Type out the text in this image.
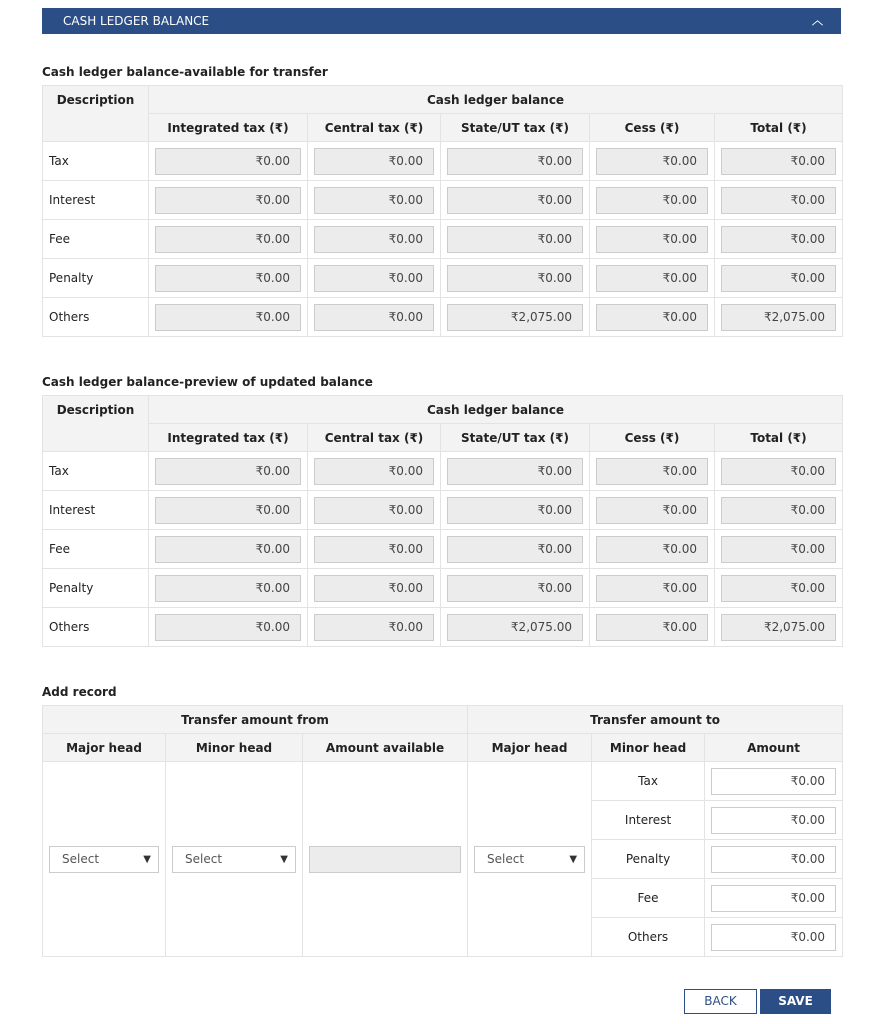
CASH LEDGER BALANCE	︿
Cash ledger balance-available for transfer
Description	Cash ledger balance				
	Integrated tax (₹)	Central tax (₹)	State/UT tax (₹)	Cess (₹)	Total (₹)
Tax	₹0.00	₹0.00	₹0.00	₹0.00	₹0.00

Interest	₹0.00	₹0.00	₹0.00	₹0.00	₹0.00

Fee	₹0.00	₹0.00	₹0.00	₹0.00	₹0.00

Penalty	₹0.00	₹0.00	₹0.00	₹0.00	₹0.00

Others	₹0.00	₹0.00	₹2,075.00	₹0.00	₹2,075.00
Cash ledger balance-preview of updated balance
Description	Cash ledger balance				
	Integrated tax (₹)	Central tax (₹)	State/UT tax (₹)	Cess (₹)	Total (₹)
Tax	₹0.00	₹0.00	₹0.00	₹0.00	₹0.00

Interest	₹0.00	₹0.00	₹0.00	₹0.00	₹0.00

Fee	₹0.00	₹0.00	₹0.00	₹0.00	₹0.00

Penalty	₹0.00	₹0.00	₹0.00	₹0.00	₹0.00

Others	₹0.00	₹0.00	₹2,075.00	₹0.00	₹2,075.00
Add record
Transfer amount from			Transfer amount to		
Major head	Minor head	Amount available	Major head	Minor head	Amount

Select ▼	Select ▼		Select ▼	Tax	₹0.00

				Interest	₹0.00

				Penalty	₹0.00

				Fee	₹0.00

				Others	₹0.00
BACK	SAVE
